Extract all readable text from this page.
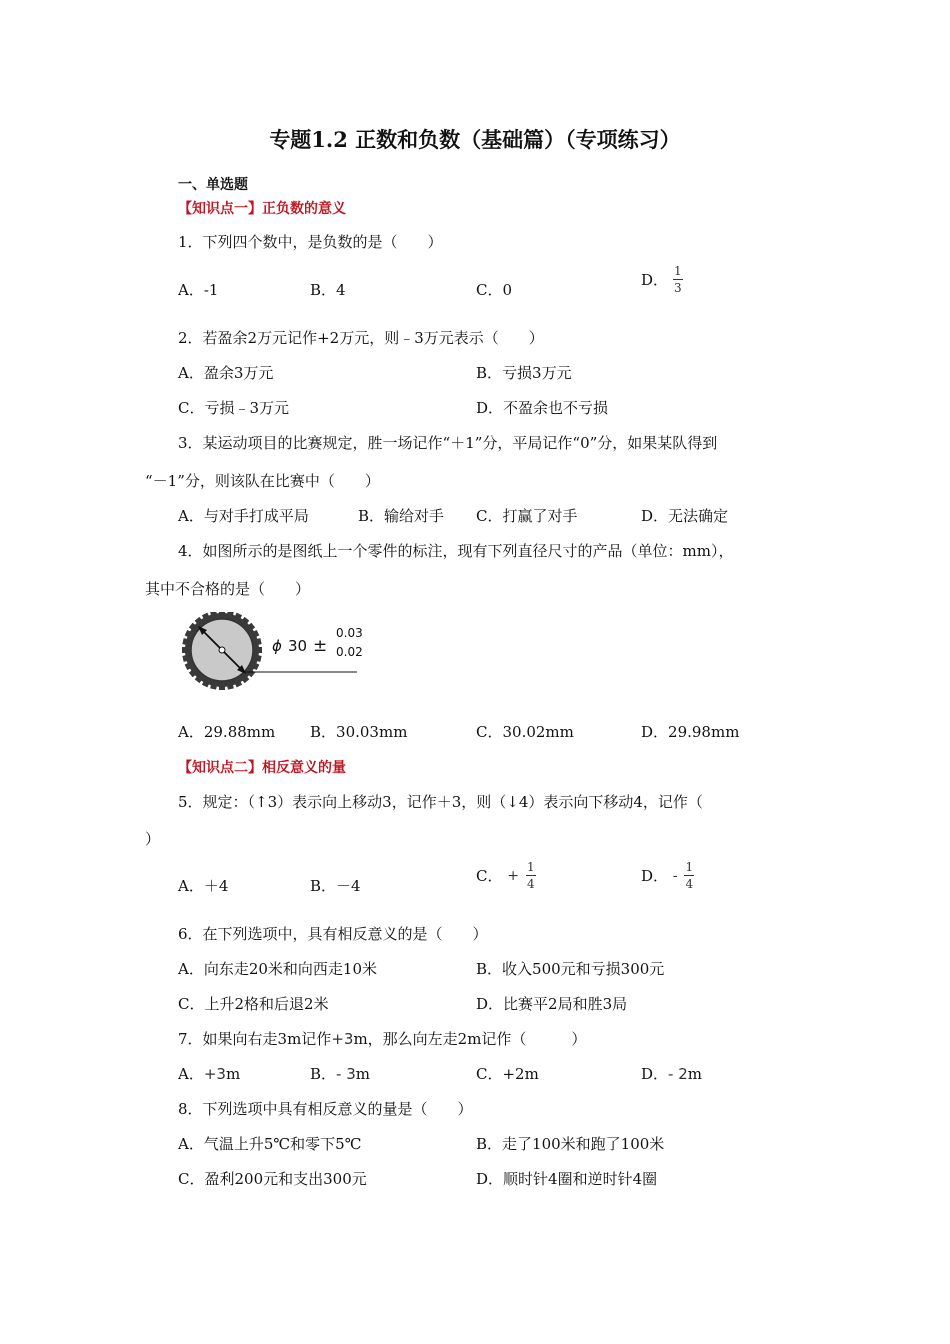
专题1.2 正数和负数（基础篇）（专项练习）
一、单选题
【知识点一】正负数的意义
1．下列四个数中，是负数的是（　　）
A．-1	B．4	C．0
D． $\frac{1}{3}$
2．若盈余2万元记作+2万元，则﹣3万元表示（　　）
A．盈余3万元	B．亏损3万元
C．亏损﹣3万元	D．不盈余也不亏损
3．某运动项目的比赛规定，胜一场记作“＋1”分，平局记作“0”分，如果某队得到
“－1”分，则该队在比赛中（　　）
A．与对手打成平局	B．输给对手 C．打赢了对手	D．无法确定
4．如图所示的是图纸上一个零件的标注，现有下列直径尺寸的产品（单位：mm），
其中不合格的是（　　）
ϕ 30 ±
0.03
0.02
A．29.88mm B．30.03mm	C．30.02mm	D．29.98mm
【知识点二】相反意义的量
5．规定：（↑3）表示向上移动3，记作＋3，则（↓4）表示向下移动4，记作（
）
A．＋4	B．－4
C． + $\frac{1}{4}$	D． - $\frac{1}{4}$
6．在下列选项中，具有相反意义的是（　　）
A．向东走20米和向西走10米	B．收入500元和亏损300元
C．上升2格和后退2米	D．比赛平2局和胜3局
7．如果向右走3m记作+3m，那么向左走2m记作（　　　）
A．+3m	B．- 3m	C．+2m	D．- 2m
8．下列选项中具有相反意义的量是（　　）
A．气温上升5℃和零下5℃	B．走了100米和跑了100米
C．盈利200元和支出300元	D．顺时针4圈和逆时针4圈
